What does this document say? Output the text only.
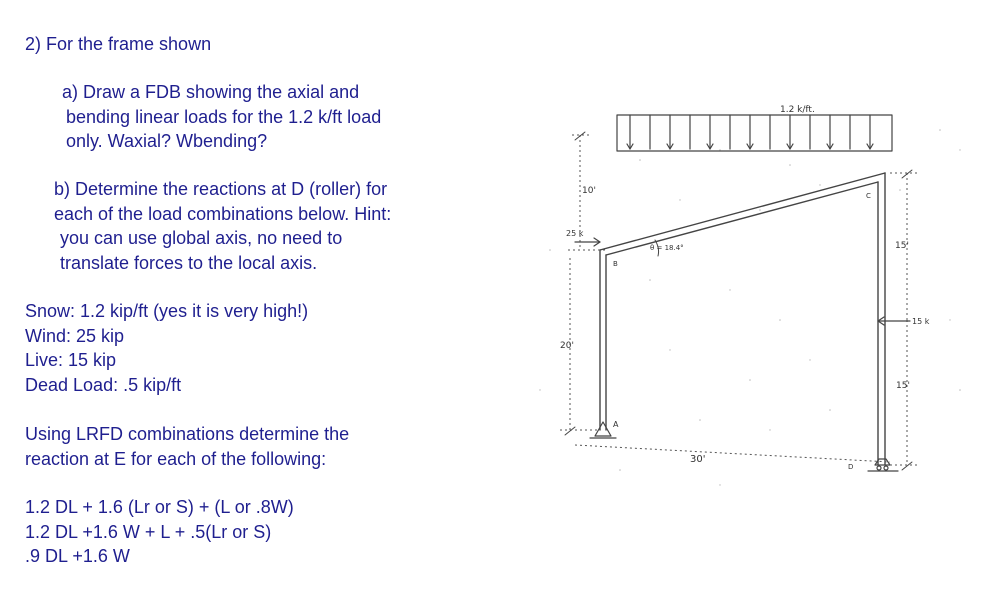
2) For the frame shown
a) Draw a FDB showing the axial and
bending linear loads for the 1.2 k/ft load
only. Waxial? Wbending?
b) Determine the reactions at D (roller) for
each of the load combinations below. Hint:
you can use global axis, no need to
translate forces to the local axis.
Snow: 1.2 kip/ft (yes it is very high!)
Wind: 25 kip
Live: 15 kip
Dead Load: .5 kip/ft
Using LRFD combinations determine the
reaction at E for each of the following:
1.2 DL + 1.6 (Lr or S) + (L or .8W)
1.2 DL +1.6 W + L + .5(Lr or S)
.9 DL +1.6 W
1.2 k/ft.
10'
20'
30'
15'
15'
25 k
15 k
θ = 18.4°
A
B
C
D
